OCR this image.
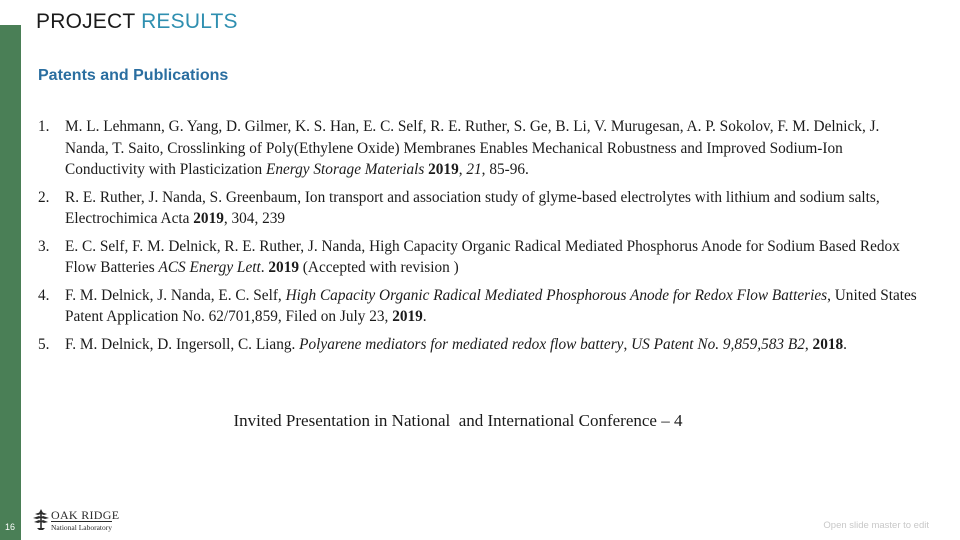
PROJECT RESULTS
Patents and Publications
1. M. L. Lehmann, G. Yang, D. Gilmer, K. S. Han, E. C. Self, R. E. Ruther, S. Ge, B. Li, V. Murugesan, A. P. Sokolov, F. M. Delnick, J. Nanda, T. Saito, Crosslinking of Poly(Ethylene Oxide) Membranes Enables Mechanical Robustness and Improved Sodium-Ion Conductivity with Plasticization Energy Storage Materials 2019, 21, 85-96.
2. R. E. Ruther, J. Nanda, S. Greenbaum, Ion transport and association study of glyme-based electrolytes with lithium and sodium salts, Electrochimica Acta 2019, 304, 239
3. E. C. Self, F. M. Delnick, R. E. Ruther, J. Nanda, High Capacity Organic Radical Mediated Phosphorus Anode for Sodium Based Redox Flow Batteries ACS Energy Lett. 2019 (Accepted with revision )
4. F. M. Delnick, J. Nanda, E. C. Self, High Capacity Organic Radical Mediated Phosphorous Anode for Redox Flow Batteries, United States Patent Application No. 62/701,859, Filed on July 23, 2019.
5. F. M. Delnick, D. Ingersoll, C. Liang. Polyarene mediators for mediated redox flow battery, US Patent No. 9,859,583 B2, 2018.
Invited Presentation in National  and International Conference – 4
16
OAK RIDGE
National Laboratory	Open slide master to edit
